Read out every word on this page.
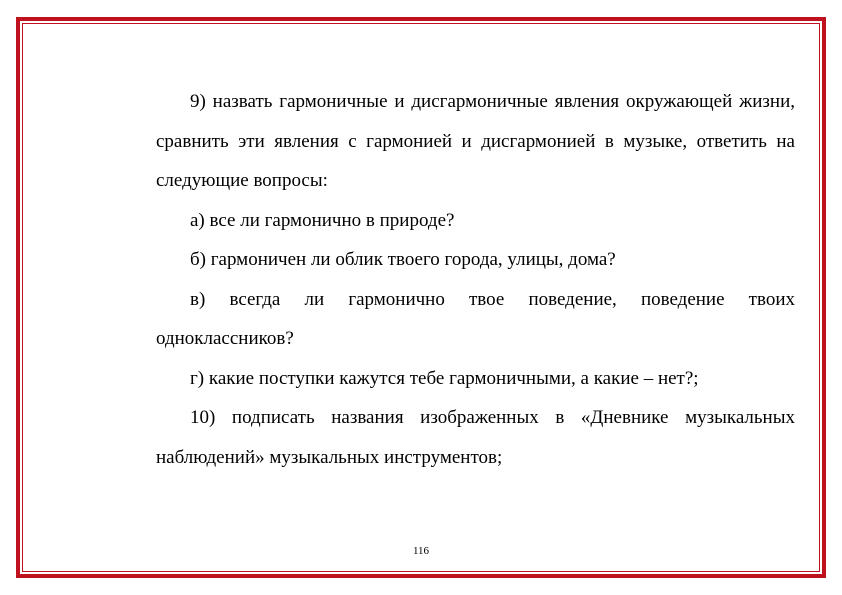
9) назвать гармоничные и дисгармоничные явления окружающей жизни, сравнить эти явления с гармонией и дисгармонией в музыке, ответить на следующие вопросы:

а) все ли гармонично в природе?

б) гармоничен ли облик твоего города, улицы, дома?

в) всегда ли гармонично твое поведение, поведение твоих одноклассников?

г) какие поступки кажутся тебе гармоничными, а какие – нет?;

10) подписать названия изображенных в «Дневнике музыкальных наблюдений» музыкальных инструментов;

116
